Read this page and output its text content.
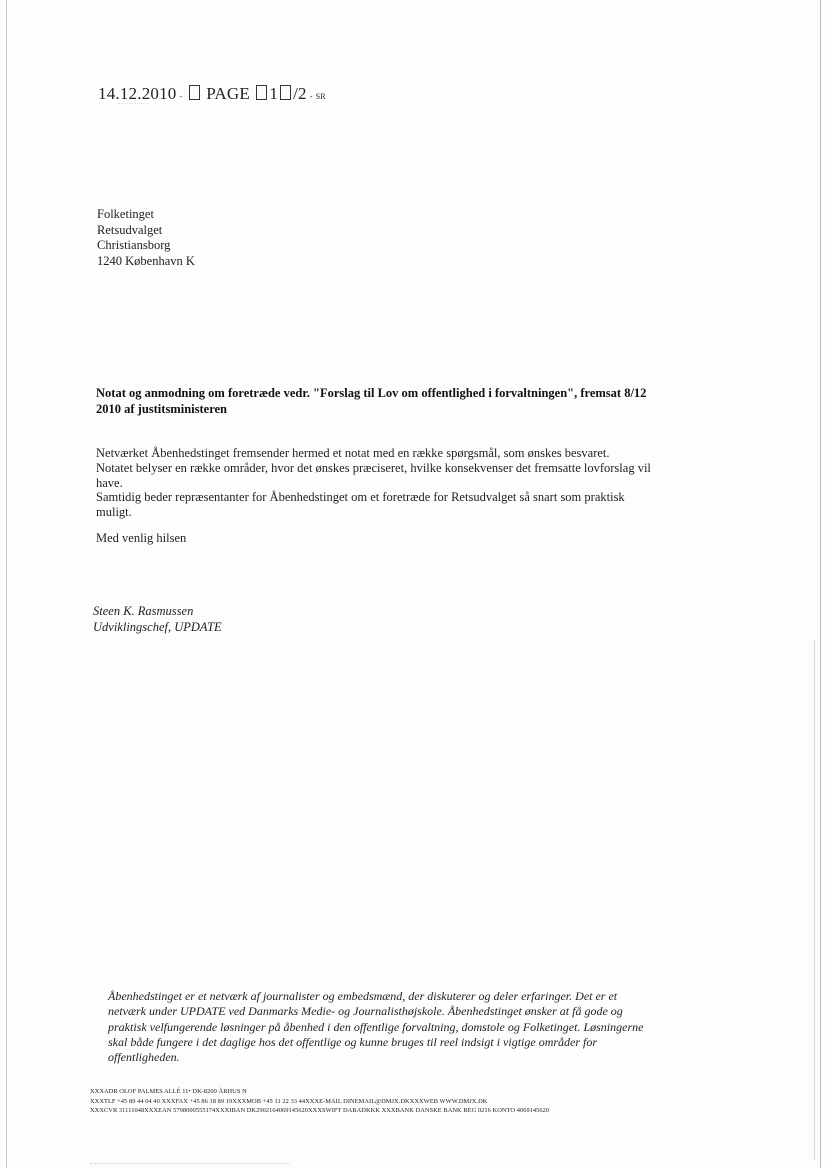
14.12.2010 - PAGE 1 /2 - SR
Folketinget
Retsudvalget
Christiansborg
1240 København K
Notat og anmodning om foretræde vedr. "Forslag til Lov om offentlighed i forvaltningen", fremsat 8/12 2010 af justitsministeren

Netværket Åbenhedstinget fremsender hermed et notat med en række spørgsmål, som ønskes besvaret.

Notatet belyser en række områder, hvor det ønskes præciseret, hvilke konsekvenser det fremsatte lovforslag vil have.

Samtidig beder repræsentanter for Åbenhedstinget om et foretræde for Retsudvalget så snart som praktisk muligt.

Med venlig hilsen
Steen K. Rasmussen
Udviklingschef, UPDATE
Åbenhedstinget er et netværk af journalister og embedsmænd, der diskuterer og deler erfaringer. Det er et netværk under UPDATE ved Danmarks Medie- og Journalisthøjskole. Åbenhedstinget ønsker at få gode og praktisk velfungerende løsninger på åbenhed i den offentlige forvaltning, domstole og Folketinget. Løsningerne skal både fungere i det daglige hos det offentlige og kunne bruges til reel indsigt i vigtige områder for offentligheden.
XXXADR OLOF PALMES ALLÉ 11• DK-8200 ÅRHUS N
XXXTLF +45 89 44 04 40 XXXFAX +45 86 18 89 19XXXMOB +45 11 22 33 44XXXE-MAIL DINEMAIL@DMJX.DKXXXWEB WWW.DMJX.DK
XXXCVR 31111048XXXEAN 5798000555174XXXIBAN DK2902164069145620XXXSWIFT DABADKKK XXXBANK DANSKE BANK REG 0216 KONTO 4069145620
